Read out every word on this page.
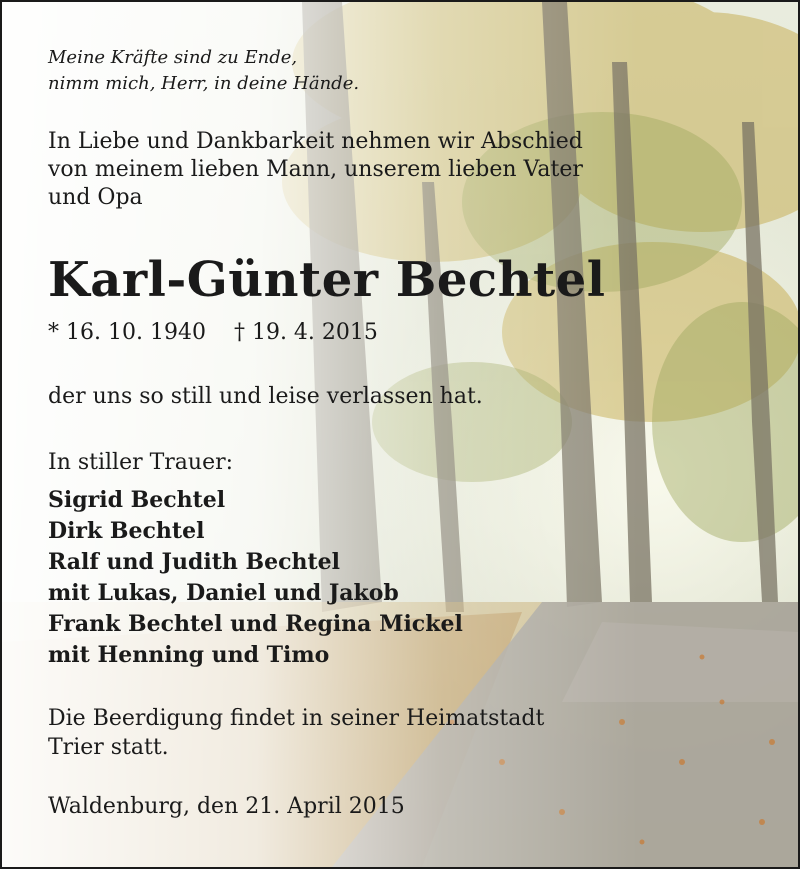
Meine Kräfte sind zu Ende,
nimm mich, Herr, in deine Hände.
In Liebe und Dankbarkeit nehmen wir Abschied
von meinem lieben Mann, unserem lieben Vater
und Opa
Karl-Günter Bechtel
* 16. 10. 1940 † 19. 4. 2015
der uns so still und leise verlassen hat.
In stiller Trauer:
Sigrid Bechtel
Dirk Bechtel
Ralf und Judith Bechtel
mit Lukas, Daniel und Jakob
Frank Bechtel und Regina Mickel
mit Henning und Timo
Die Beerdigung findet in seiner Heimatstadt
Trier statt.
Waldenburg, den 21. April 2015
